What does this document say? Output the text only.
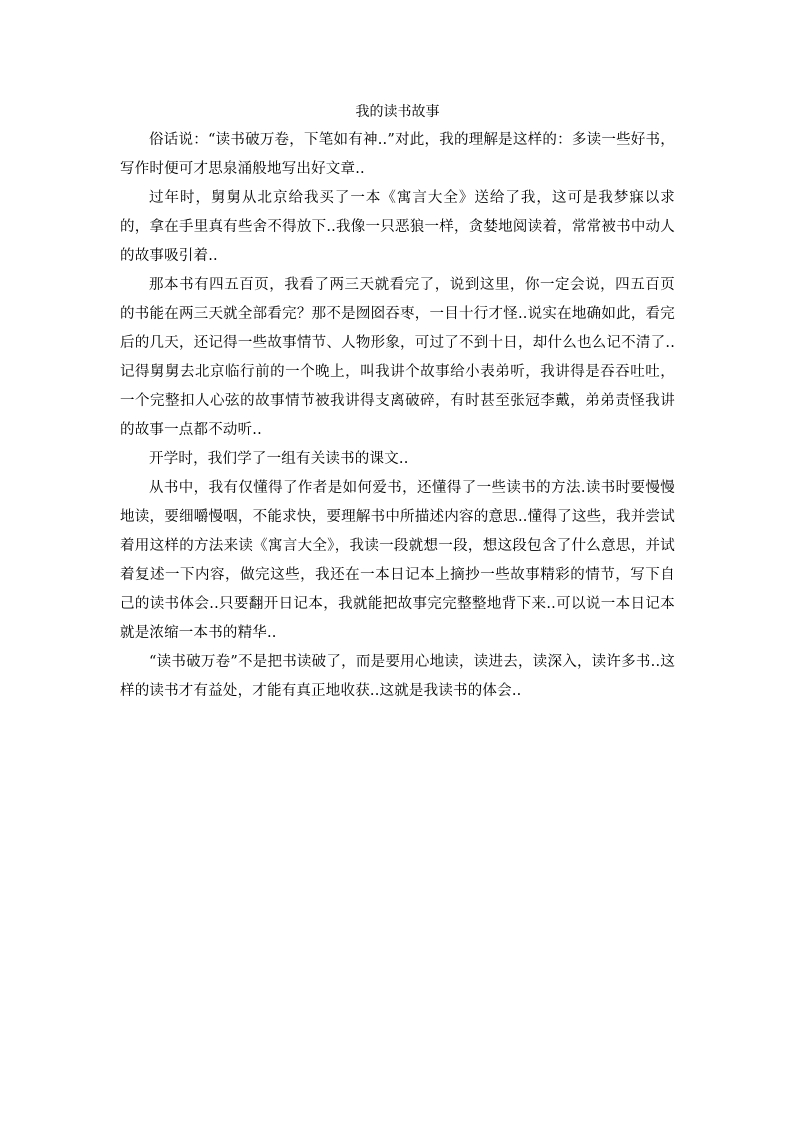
我的读书故事

俗话说：“读书破万卷，下笔如有神..”对此，我的理解是这样的：多读一些好书，写作时便可才思泉涌般地写出好文章..

过年时，舅舅从北京给我买了一本《寓言大全》送给了我，这可是我梦寐以求的，拿在手里真有些舍不得放下..我像一只恶狼一样，贪婪地阅读着，常常被书中动人的故事吸引着..

那本书有四五百页，我看了两三天就看完了，说到这里，你一定会说，四五百页的书能在两三天就全部看完？那不是囫囵吞枣，一目十行才怪..说实在地确如此，看完后的几天，还记得一些故事情节、人物形象，可过了不到十日，却什么也么记不清了..记得舅舅去北京临行前的一个晚上，叫我讲个故事给小表弟听，我讲得是吞吞吐吐，一个完整扣人心弦的故事情节被我讲得支离破碎，有时甚至张冠李戴，弟弟责怪我讲的故事一点都不动听..

开学时，我们学了一组有关读书的课文..

从书中，我有仅懂得了作者是如何爱书，还懂得了一些读书的方法.读书时要慢慢地读，要细嚼慢咽，不能求快，要理解书中所描述内容的意思..懂得了这些，我并尝试着用这样的方法来读《寓言大全》，我读一段就想一段，想这段包含了什么意思，并试着复述一下内容，做完这些，我还在一本日记本上摘抄一些故事精彩的情节，写下自己的读书体会..只要翻开日记本，我就能把故事完完整整地背下来..可以说一本日记本就是浓缩一本书的精华..

“读书破万卷”不是把书读破了，而是要用心地读，读进去，读深入，读许多书..这样的读书才有益处，才能有真正地收获..这就是我读书的体会..
